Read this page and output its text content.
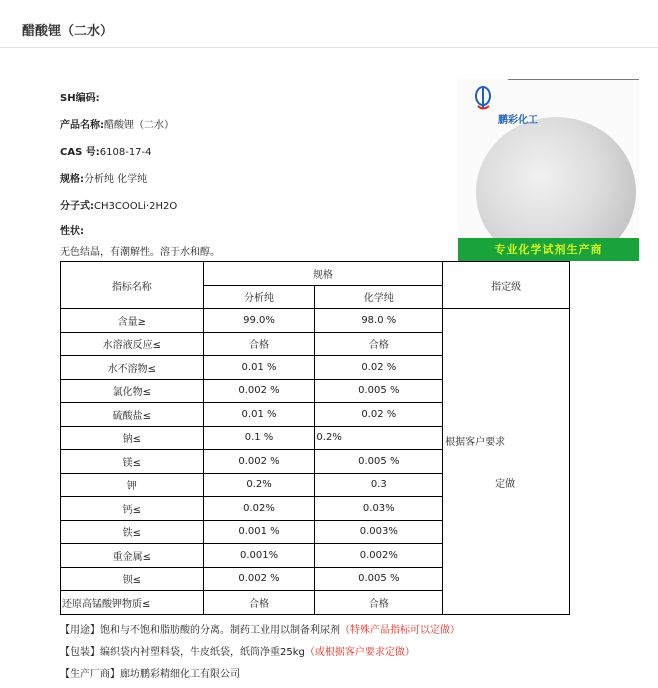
醋酸锂（二水）
SH编码:
产品名称:醋酸锂（二水）
CAS 号:6108-17-4
规格:分析纯 化学纯
分子式:CH3COOLi·2H2O
性状:
无色结晶，有潮解性。溶于水和醇。
鹏彩化工
专业化学试剂生产商
指标名称	规格		指定级
	分析纯	化学纯	
含量≥	99.0%	98.0 %	根据客户要求
定做

水溶液反应≤	合格	合格	
水不溶物≤	0.01 %	0.02 %	
氯化物≤	0.002 %	0.005 %	
硫酸盐≤	0.01 %	0.02 %	
钠≤	0.1 %	0.2%	
镁≤	0.002 %	0.005 %	
钾	0.2%	0.3	
钙≤	0.02%	0.03%	
铁≤	0.001 %	0.003%	
重金属≤	0.001%	0.002%	
钡≤	0.002 %	0.005 %	
还原高锰酸钾物质≤	合格	合格	
【用途】饱和与不饱和脂肪酸的分离。制药工业用以制备利尿剂（特殊产品指标可以定做）
【包装】编织袋内衬塑料袋，牛皮纸袋，纸筒净重25kg（或根据客户要求定做）
【生产厂商】廊坊鹏彩精细化工有限公司
